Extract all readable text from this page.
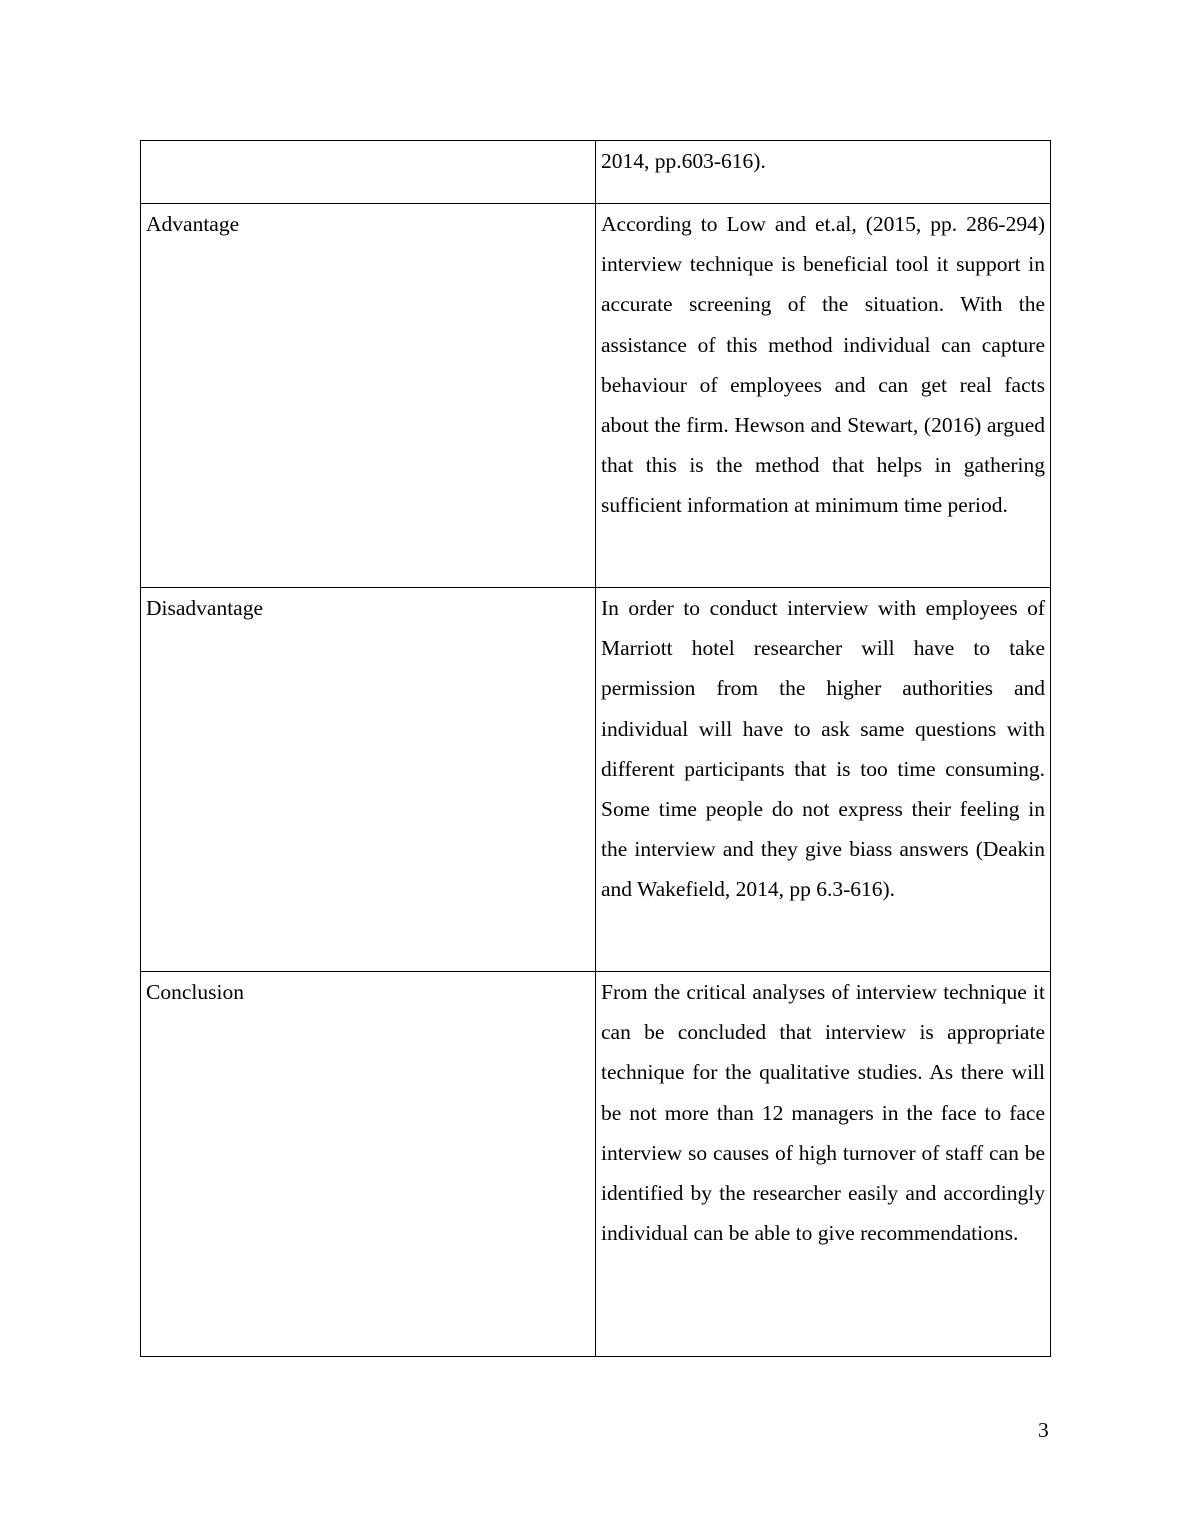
	2014, pp.603-616).
Advantage	According to Low and et.al, (2015, pp. 286-294) interview technique is beneficial tool it support in accurate screening of the situation. With the assistance of this method individual can capture behaviour of employees and can get real facts about the firm. Hewson and Stewart, (2016) argued that this is the method that helps in gathering sufficient information at minimum time period.
Disadvantage	In order to conduct interview with employees of Marriott hotel researcher will have to take permission from the higher authorities and individual will have to ask same questions with different participants that is too time consuming. Some time people do not express their feeling in the interview and they give biass answers (Deakin and Wakefield, 2014, pp 6.3-616).
Conclusion	From the critical analyses of interview technique it can be concluded that interview is appropriate technique for the qualitative studies. As there will be not more than 12 managers in the face to face interview so causes of high turnover of staff can be identified by the researcher easily and accordingly individual can be able to give recommendations.
3
